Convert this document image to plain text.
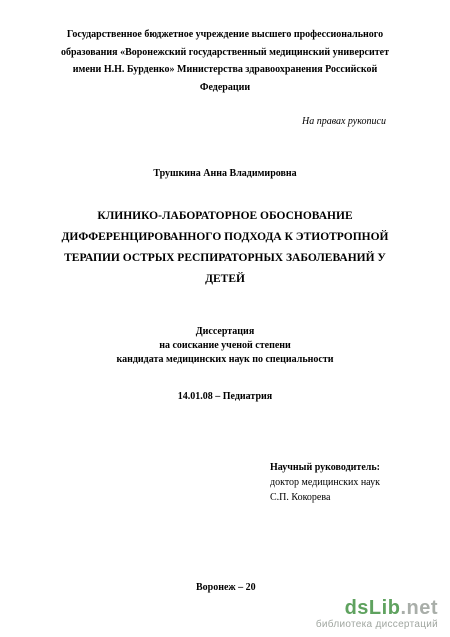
Государственное бюджетное учреждение высшего профессионального
образования «Воронежский государственный медицинский университет
имени Н.Н. Бурденко» Министерства здравоохранения Российской
Федерации
На правах рукописи
Трушкина Анна Владимировна
КЛИНИКО-ЛАБОРАТОРНОЕ ОБОСНОВАНИЕ
ДИФФЕРЕНЦИРОВАННОГО ПОДХОДА К ЭТИОТРОПНОЙ
ТЕРАПИИ ОСТРЫХ РЕСПИРАТОРНЫХ ЗАБОЛЕВАНИЙ У
ДЕТЕЙ
Диссертация
на соискание ученой степени
кандидата медицинских наук по специальности
14.01.08 – Педиатрия
Научный руководитель:
доктор медицинских наук
С.П. Кокорева
Воронеж – 20
dsLib.net
библиотека диссертаций
